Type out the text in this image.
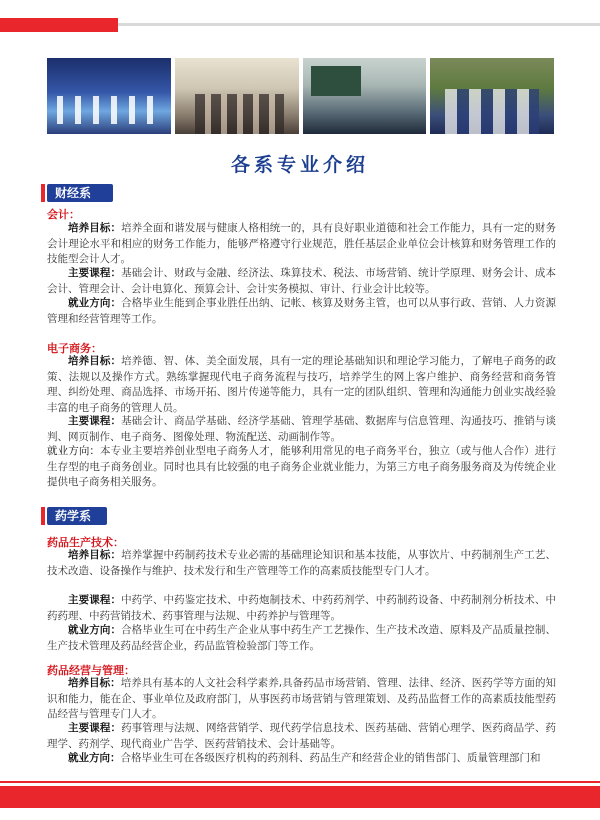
各系专业介绍
财经系
会计：
培养目标：培养全面和谐发展与健康人格相统一的，具有良好职业道德和社会工作能力，具有一定的财务会计理论水平和相应的财务工作能力，能够严格遵守行业规范，胜任基层企业单位会计核算和财务管理工作的技能型会计人才。
主要课程：基础会计、财政与金融、经济法、珠算技术、税法、市场营销、统计学原理、财务会计、成本会计、管理会计、会计电算化、预算会计、会计实务模拟、审计、行业会计比较等。
就业方向：合格毕业生能到企事业胜任出纳、记帐、核算及财务主管，也可以从事行政、营销、人力资源管理和经营管理等工作。
电子商务：
培养目标：培养德、智、体、美全面发展，具有一定的理论基础知识和理论学习能力，了解电子商务的政策、法规以及操作方式。熟练掌握现代电子商务流程与技巧，培养学生的网上客户维护、商务经营和商务管理、纠纷处理、商品选择、市场开拓、图片传递等能力，具有一定的团队组织、管理和沟通能力创业实战经验丰富的电子商务的管理人员。
主要课程：基础会计、商品学基础、经济学基础、管理学基础、数据库与信息管理、沟通技巧、推销与谈判、网页制作、电子商务、图像处理、物流配送、动画制作等。
就业方向：本专业主要培养创业型电子商务人才，能够利用常见的电子商务平台，独立（或与他人合作）进行生存型的电子商务创业。同时也具有比较强的电子商务企业就业能力，为第三方电子商务服务商及为传统企业提供电子商务相关服务。
药学系
药品生产技术：
培养目标：培养掌握中药制药技术专业必需的基础理论知识和基本技能，从事饮片、中药制剂生产工艺、技术改造、设备操作与维护、技术发行和生产管理等工作的高素质技能型专门人才。
主要课程：中药学、中药鉴定技术、中药炮制技术、中药药剂学、中药制药设备、中药制剂分析技术、中药药理、中药营销技术、药事管理与法规、中药养护与管理等。
就业方向：合格毕业生可在中药生产企业从事中药生产工艺操作、生产技术改造、原料及产品质量控制、生产技术管理及药品经营企业，药品监管检验部门等工作。
药品经营与管理：
培养目标：培养具有基本的人文社会科学素养,具备药品市场营销、管理、法律、经济、医药学等方面的知识和能力，能在企、事业单位及政府部门，从事医药市场营销与管理策划、及药品监督工作的高素质技能型药品经营与管理专门人才。
主要课程：药事管理与法规、网络营销学、现代药学信息技术、医药基础、营销心理学、医药商品学、药理学、药剂学、现代商业广告学、医药营销技术、会计基础等。
就业方向：合格毕业生可在各级医疗机构的药剂科、药品生产和经营企业的销售部门、质量管理部门和
